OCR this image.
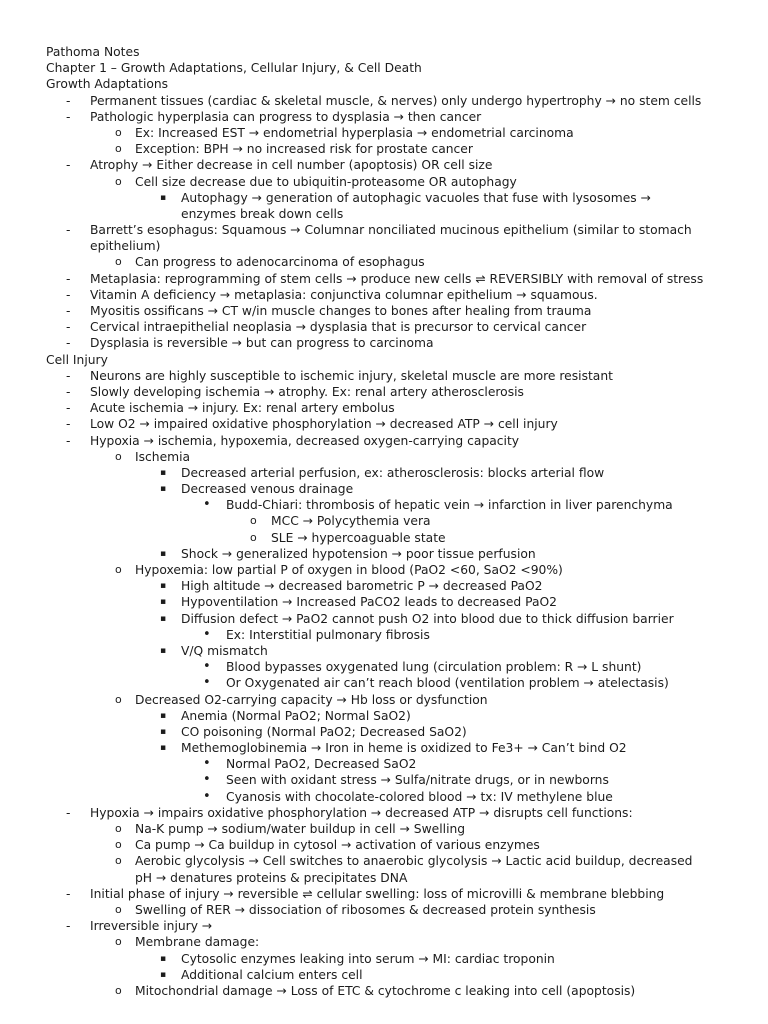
Pathoma Notes
Chapter 1 – Growth Adaptations, Cellular Injury, & Cell Death
Growth Adaptations
- Permanent tissues (cardiac & skeletal muscle, & nerves) only undergo hypertrophy → no stem cells
- Pathologic hyperplasia can progress to dysplasia → then cancer
o Ex: Increased EST → endometrial hyperplasia → endometrial carcinoma
o Exception: BPH → no increased risk for prostate cancer
- Atrophy → Either decrease in cell number (apoptosis) OR cell size
o Cell size decrease due to ubiquitin-proteasome OR autophagy
▪ Autophagy → generation of autophagic vacuoles that fuse with lysosomes →
enzymes break down cells
- Barrett’s esophagus: Squamous → Columnar nonciliated mucinous epithelium (similar to stomach
epithelium)
o Can progress to adenocarcinoma of esophagus
- Metaplasia: reprogramming of stem cells → produce new cells ⇌ REVERSIBLY with removal of stress
- Vitamin A deficiency → metaplasia: conjunctiva columnar epithelium → squamous.
- Myositis ossificans → CT w/in muscle changes to bones after healing from trauma
- Cervical intraepithelial neoplasia → dysplasia that is precursor to cervical cancer
- Dysplasia is reversible → but can progress to carcinoma
Cell Injury
- Neurons are highly susceptible to ischemic injury, skeletal muscle are more resistant
- Slowly developing ischemia → atrophy. Ex: renal artery atherosclerosis
- Acute ischemia → injury. Ex: renal artery embolus
- Low O2 → impaired oxidative phosphorylation → decreased ATP → cell injury
- Hypoxia → ischemia, hypoxemia, decreased oxygen-carrying capacity
o Ischemia
▪ Decreased arterial perfusion, ex: atherosclerosis: blocks arterial flow
▪ Decreased venous drainage
• Budd-Chiari: thrombosis of hepatic vein → infarction in liver parenchyma
o MCC → Polycythemia vera
o SLE → hypercoaguable state
▪ Shock → generalized hypotension → poor tissue perfusion
o Hypoxemia: low partial P of oxygen in blood (PaO2 <60, SaO2 <90%)
▪ High altitude → decreased barometric P → decreased PaO2
▪ Hypoventilation → Increased PaCO2 leads to decreased PaO2
▪ Diffusion defect → PaO2 cannot push O2 into blood due to thick diffusion barrier
• Ex: Interstitial pulmonary fibrosis
▪ V/Q mismatch
• Blood bypasses oxygenated lung (circulation problem: R → L shunt)
• Or Oxygenated air can’t reach blood (ventilation problem → atelectasis)
o Decreased O2-carrying capacity → Hb loss or dysfunction
▪ Anemia (Normal PaO2; Normal SaO2)
▪ CO poisoning (Normal PaO2; Decreased SaO2)
▪ Methemoglobinemia → Iron in heme is oxidized to Fe3+ → Can’t bind O2
• Normal PaO2, Decreased SaO2
• Seen with oxidant stress → Sulfa/nitrate drugs, or in newborns
• Cyanosis with chocolate-colored blood → tx: IV methylene blue
- Hypoxia → impairs oxidative phosphorylation → decreased ATP → disrupts cell functions:
o Na-K pump → sodium/water buildup in cell → Swelling
o Ca pump → Ca buildup in cytosol → activation of various enzymes
o Aerobic glycolysis → Cell switches to anaerobic glycolysis → Lactic acid buildup, decreased
pH → denatures proteins & precipitates DNA
- Initial phase of injury → reversible ⇌ cellular swelling: loss of microvilli & membrane blebbing
o Swelling of RER → dissociation of ribosomes & decreased protein synthesis
- Irreversible injury →
o Membrane damage:
▪ Cytosolic enzymes leaking into serum → MI: cardiac troponin
▪ Additional calcium enters cell
o Mitochondrial damage → Loss of ETC & cytochrome c leaking into cell (apoptosis)
